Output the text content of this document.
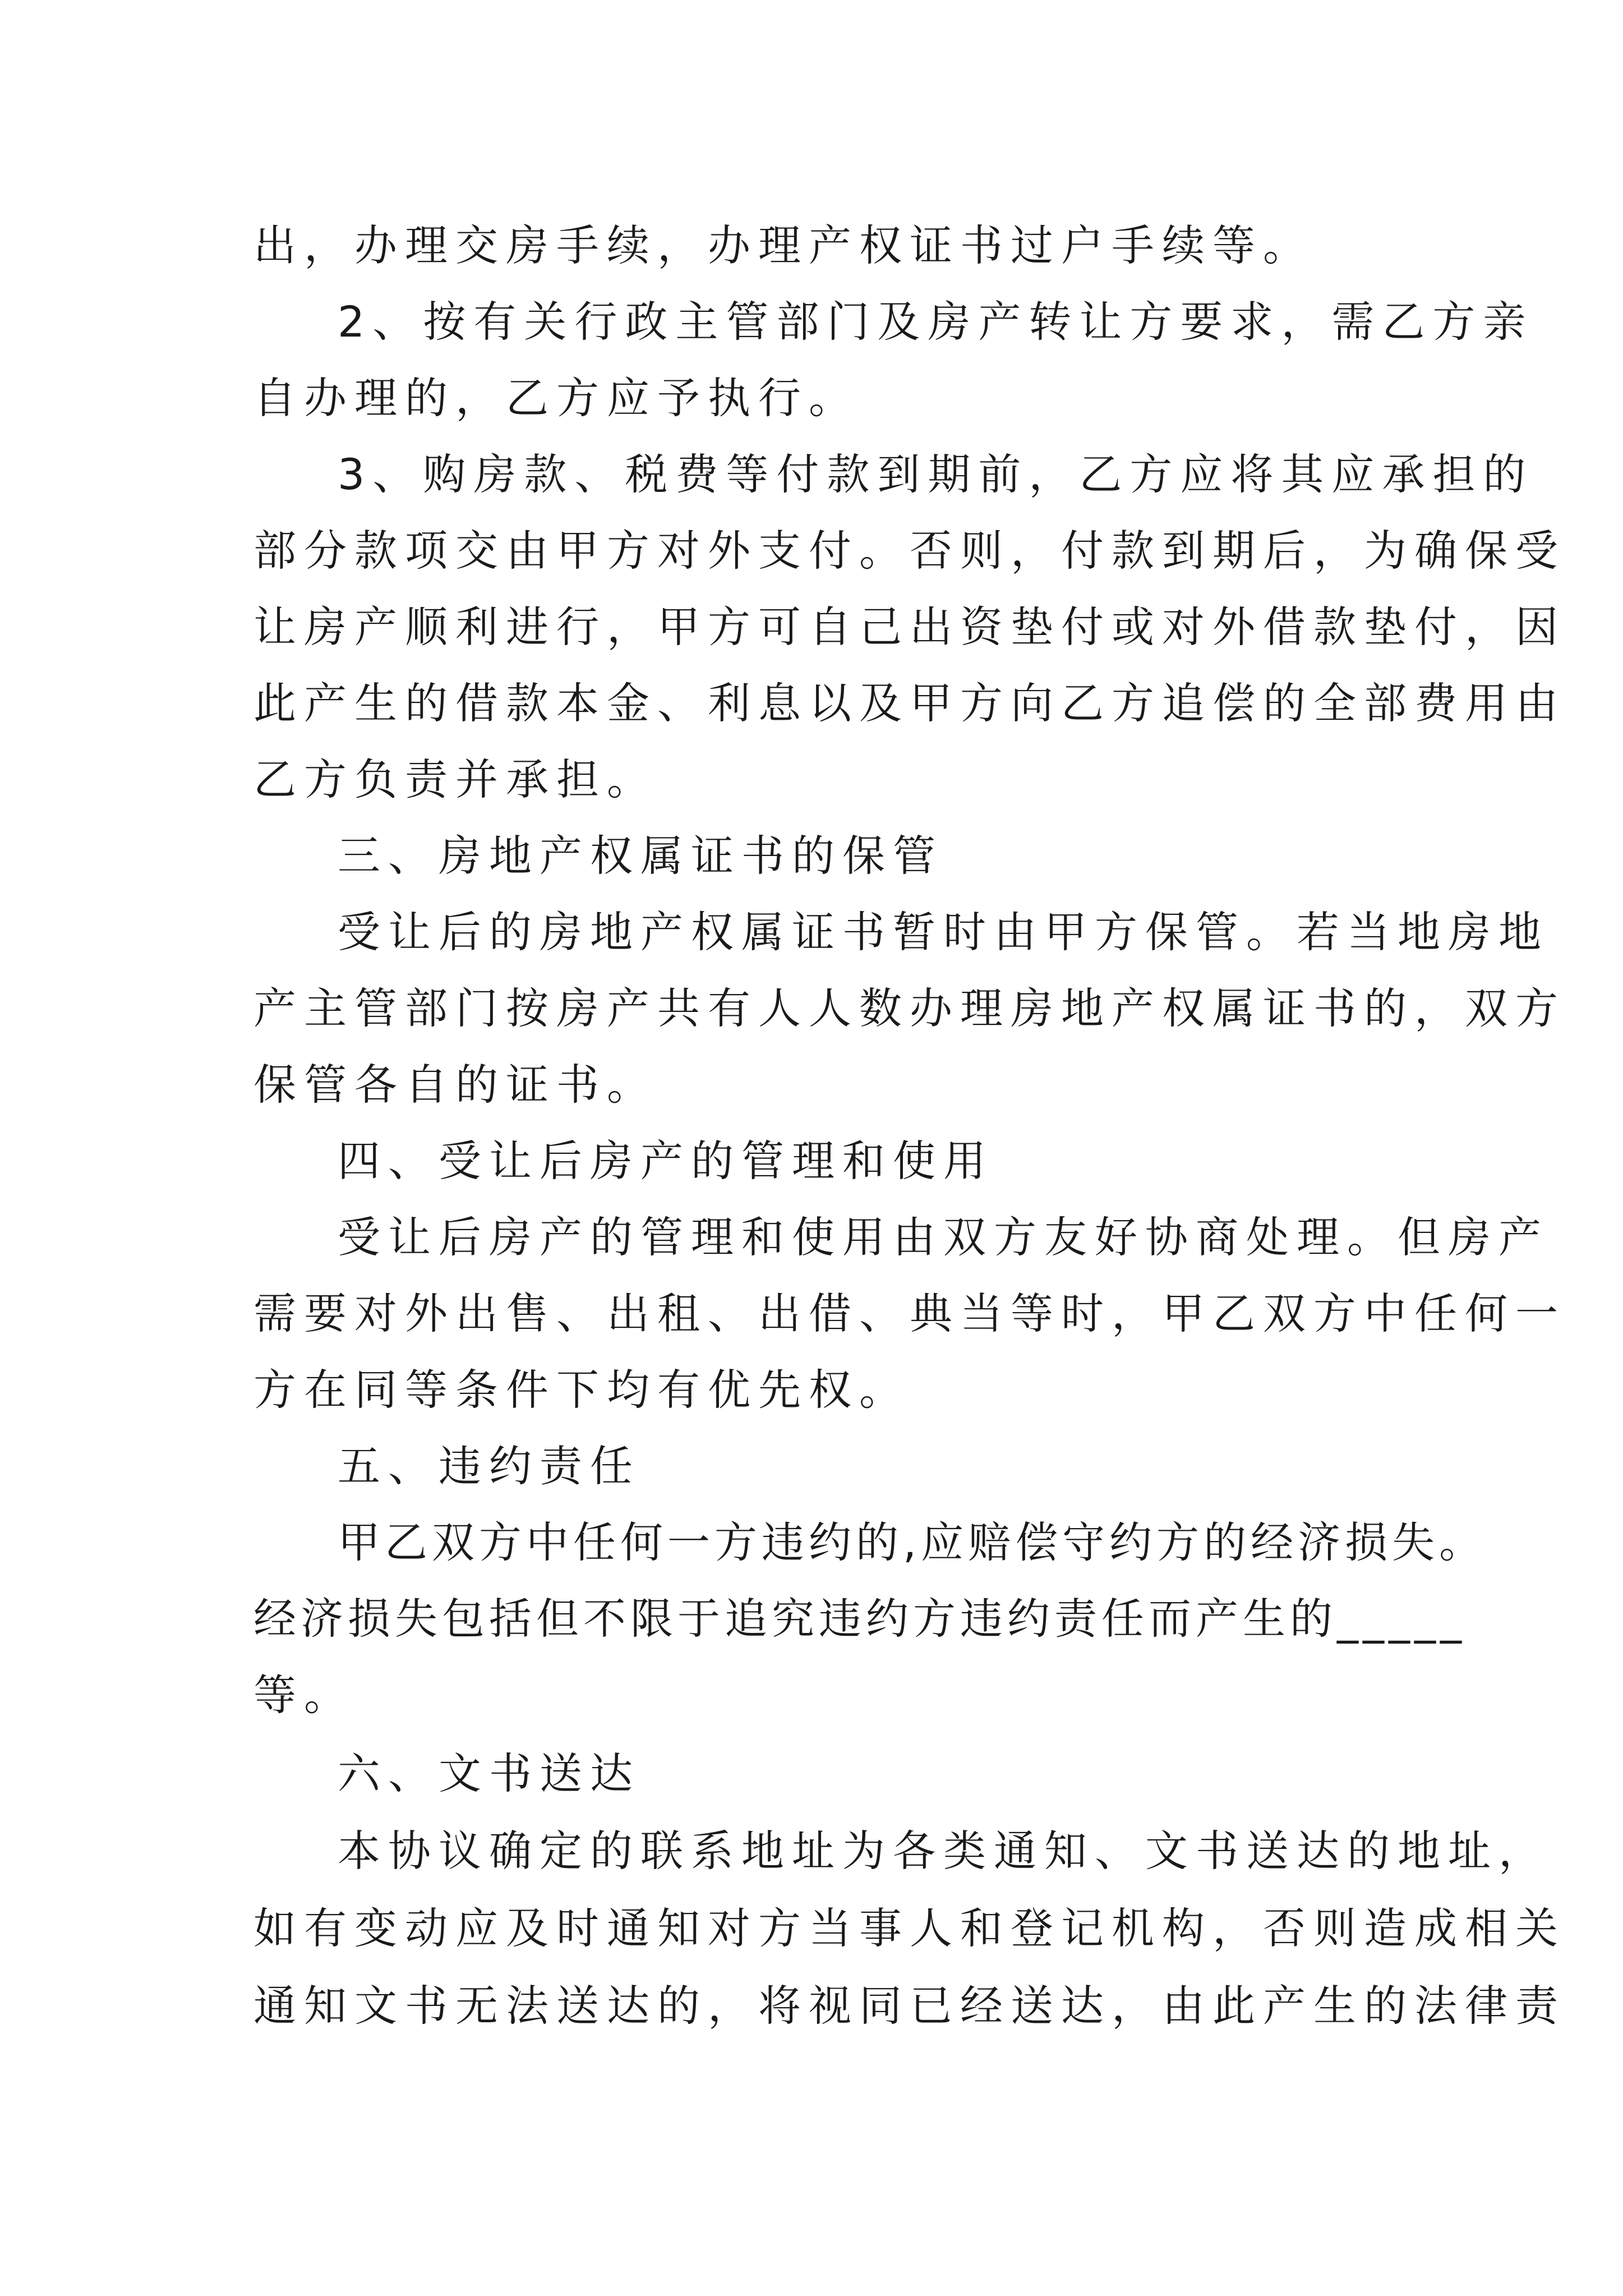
出，办理交房手续，办理产权证书过户手续等。
2、按有关行政主管部门及房产转让方要求，需乙方亲
自办理的，乙方应予执行。
3、购房款、税费等付款到期前，乙方应将其应承担的
部分款项交由甲方对外支付。否则，付款到期后，为确保受
让房产顺利进行，甲方可自己出资垫付或对外借款垫付，因
此产生的借款本金、利息以及甲方向乙方追偿的全部费用由
乙方负责并承担。
三、房地产权属证书的保管
受让后的房地产权属证书暂时由甲方保管。若当地房地
产主管部门按房产共有人人数办理房地产权属证书的，双方
保管各自的证书。
四、受让后房产的管理和使用
受让后房产的管理和使用由双方友好协商处理。但房产
需要对外出售、出租、出借、典当等时，甲乙双方中任何一
方在同等条件下均有优先权。
五、违约责任
甲乙双方中任何一方违约的,应赔偿守约方的经济损失。
经济损失包括但不限于追究违约方违约责任而产生的_____
等。
六、文书送达
本协议确定的联系地址为各类通知、文书送达的地址，
如有变动应及时通知对方当事人和登记机构，否则造成相关
通知文书无法送达的，将视同已经送达，由此产生的法律责
